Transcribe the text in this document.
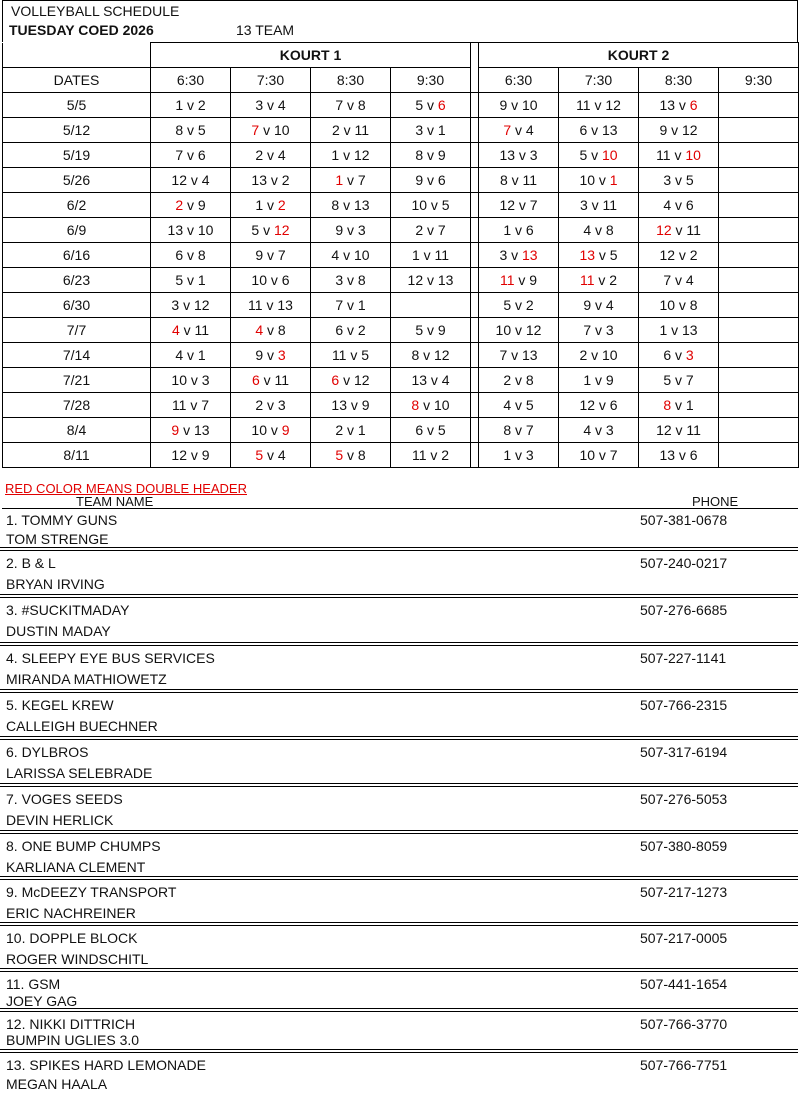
VOLLEYBALL SCHEDULE
TUESDAY COED 2026	13 TEAM
	KOURT 1					KOURT 2			
DATES	6:30	7:30	8:30	9:30		6:30	7:30	8:30	9:30
5/5	1 v 2	3 v 4	7 v 8	5 v 6		9 v 10	11 v 12	13 v 6	
5/12	8 v 5	7 v 10	2 v 11	3 v 1		7 v 4	6 v 13	9 v 12	
5/19	7 v 6	2 v 4	1 v 12	8 v 9		13 v 3	5 v 10	11 v 10	
5/26	12 v 4	13 v 2	1 v 7	9 v 6		8 v 11	10 v 1	3 v 5	
6/2	2 v 9	1 v 2	8 v 13	10 v 5		12 v 7	3 v 11	4 v 6	
6/9	13 v 10	5 v 12	9 v 3	2 v 7		1 v 6	4 v 8	12 v 11	
6/16	6 v 8	9 v 7	4 v 10	1 v 11		3 v 13	13 v 5	12 v 2	
6/23	5 v 1	10 v 6	3 v 8	12 v 13		11 v 9	11 v 2	7 v 4	
6/30	3 v 12	11 v 13	7 v 1			5 v 2	9 v 4	10 v 8	
7/7	4 v 11	4 v 8	6 v 2	5 v 9		10 v 12	7 v 3	1 v 13	
7/14	4 v 1	9 v 3	11 v 5	8 v 12		7 v 13	2 v 10	6 v 3	
7/21	10 v 3	6 v 11	6 v 12	13 v 4		2 v 8	1 v 9	5 v 7	
7/28	11 v 7	2 v 3	13 v 9	8 v 10		4 v 5	12 v 6	8 v 1	
8/4	9 v 13	10 v 9	2 v 1	6 v 5		8 v 7	4 v 3	12 v 11	
8/11	12 v 9	5 v 4	5 v 8	11 v 2		1 v 3	10 v 7	13 v 6	
RED COLOR MEANS DOUBLE HEADER
TEAM NAME	PHONE
1. TOMMY GUNS
TOM STRENGE
507-381-0678
2. B & L
BRYAN IRVING
507-240-0217
3. #SUCKITMADAY
DUSTIN MADAY
507-276-6685
4. SLEEPY EYE BUS SERVICES
MIRANDA MATHIOWETZ
507-227-1141
5. KEGEL KREW
CALLEIGH BUECHNER
507-766-2315
6. DYLBROS
LARISSA SELEBRADE
507-317-6194
7. VOGES SEEDS
DEVIN HERLICK
507-276-5053
8. ONE BUMP CHUMPS
KARLIANA CLEMENT
507-380-8059
9. McDEEZY TRANSPORT
ERIC NACHREINER
507-217-1273
10. DOPPLE BLOCK
ROGER WINDSCHITL
507-217-0005
11. GSM
JOEY GAG
507-441-1654
12. NIKKI DITTRICH
BUMPIN UGLIES 3.0
507-766-3770
13. SPIKES HARD LEMONADE
MEGAN HAALA
507-766-7751
